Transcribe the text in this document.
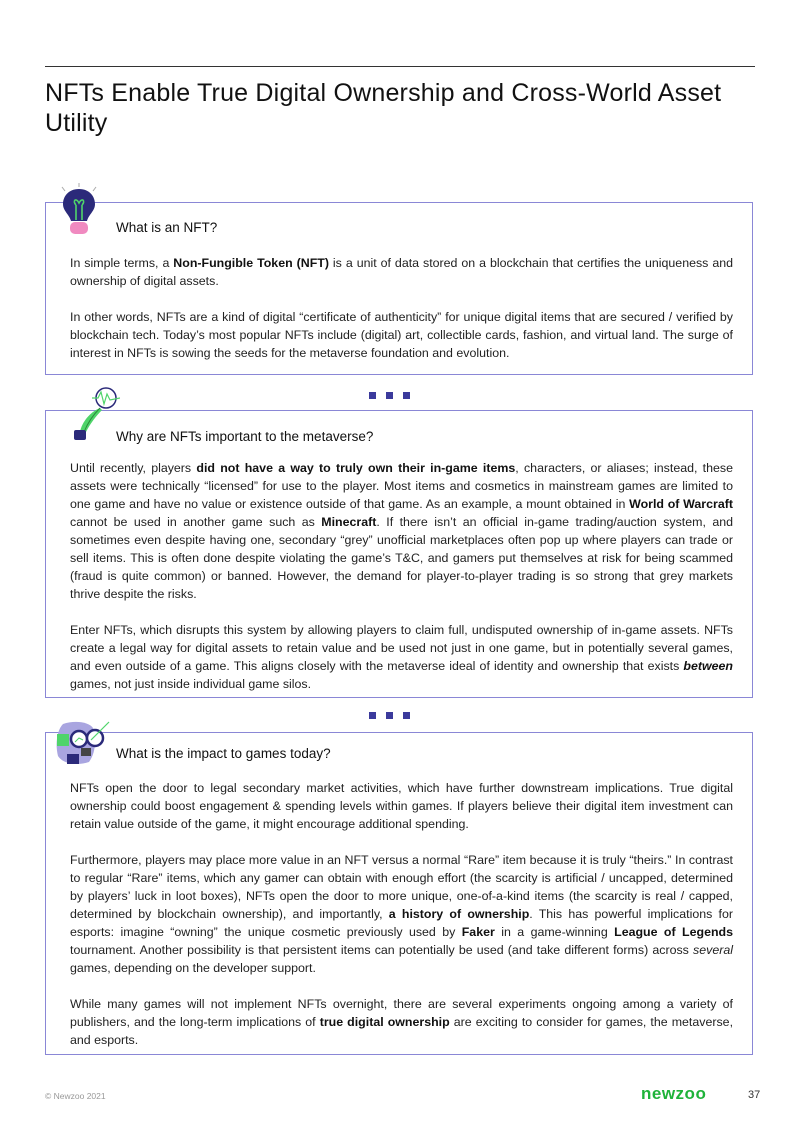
NFTs Enable True Digital Ownership and Cross-World Asset Utility
What is an NFT?

In simple terms, a Non-Fungible Token (NFT) is a unit of data stored on a blockchain that certifies the uniqueness and ownership of digital assets.

In other words, NFTs are a kind of digital “certificate of authenticity” for unique digital items that are secured / verified by blockchain tech. Today’s most popular NFTs include (digital) art, collectible cards, fashion, and virtual land. The surge of interest in NFTs is sowing the seeds for the metaverse foundation and evolution.

Why are NFTs important to the metaverse?

Until recently, players did not have a way to truly own their in-game items, characters, or aliases; instead, these assets were technically “licensed” for use to the player. Most items and cosmetics in mainstream games are limited to one game and have no value or existence outside of that game. As an example, a mount obtained in World of Warcraft cannot be used in another game such as Minecraft. If there isn’t an official in-game trading/auction system, and sometimes even despite having one, secondary “grey” unofficial marketplaces often pop up where players can trade or sell items. This is often done despite violating the game’s T&C, and gamers put themselves at risk for being scammed (fraud is quite common) or banned. However, the demand for player-to-player trading is so strong that grey markets thrive despite the risks.

Enter NFTs, which disrupts this system by allowing players to claim full, undisputed ownership of in-game assets. NFTs create a legal way for digital assets to retain value and be used not just in one game, but in potentially several games, and even outside of a game. This aligns closely with the metaverse ideal of identity and ownership that exists between games, not just inside individual game silos.

What is the impact to games today?

NFTs open the door to legal secondary market activities, which have further downstream implications. True digital ownership could boost engagement & spending levels within games. If players believe their digital item investment can retain value outside of the game, it might encourage additional spending.

Furthermore, players may place more value in an NFT versus a normal “Rare” item because it is truly “theirs.” In contrast to regular “Rare” items, which any gamer can obtain with enough effort (the scarcity is artificial / uncapped, determined by players’ luck in loot boxes), NFTs open the door to more unique, one-of-a-kind items (the scarcity is real / capped, determined by blockchain ownership), and importantly, a history of ownership. This has powerful implications for esports: imagine “owning” the unique cosmetic previously used by Faker in a game-winning League of Legends tournament. Another possibility is that persistent items can potentially be used (and take different forms) across several games, depending on the developer support.

While many games will not implement NFTs overnight, there are several experiments ongoing among a variety of publishers, and the long-term implications of true digital ownership are exciting to consider for games, the metaverse, and esports.

© Newzoo 2021	newzoo	37
